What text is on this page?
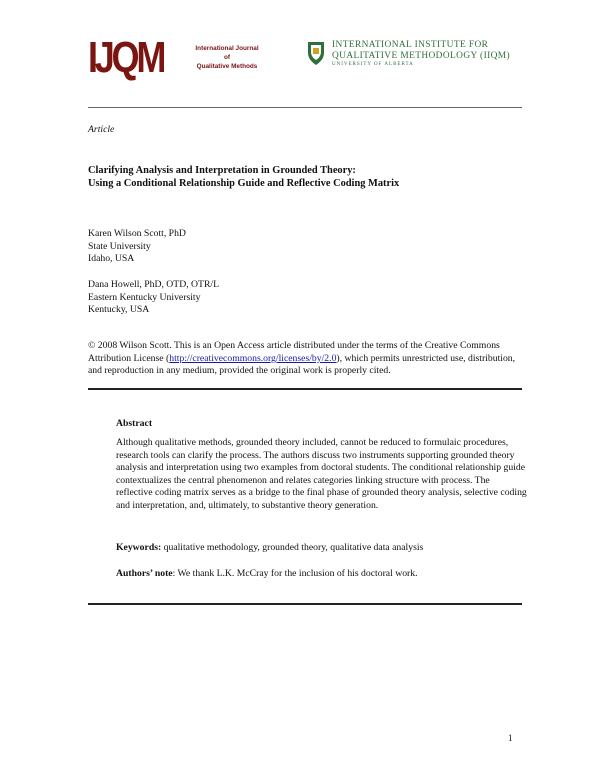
IJQM	International Journal
of
Qualitative Methods
INTERNATIONAL INSTITUTE FOR
QUALITATIVE METHODOLOGY (IIQM)
UNIVERSITY OF ALBERTA
Article
Clarifying Analysis and Interpretation in Grounded Theory:
Using a Conditional Relationship Guide and Reflective Coding Matrix
Karen Wilson Scott, PhD
State University
Idaho, USA
Dana Howell, PhD, OTD, OTR/L
Eastern Kentucky University
Kentucky, USA
© 2008 Wilson Scott. This is an Open Access article distributed under the terms of the Creative Commons Attribution License (http://creativecommons.org/licenses/by/2.0), which permits unrestricted use, distribution, and reproduction in any medium, provided the original work is properly cited.
Abstract
Although qualitative methods, grounded theory included, cannot be reduced to formulaic procedures, research tools can clarify the process. The authors discuss two instruments supporting grounded theory analysis and interpretation using two examples from doctoral students. The conditional relationship guide contextualizes the central phenomenon and relates categories linking structure with process. The reflective coding matrix serves as a bridge to the final phase of grounded theory analysis, selective coding and interpretation, and, ultimately, to substantive theory generation.
Keywords: qualitative methodology, grounded theory, qualitative data analysis
Authors’ note: We thank L.K. McCray for the inclusion of his doctoral work.
1
